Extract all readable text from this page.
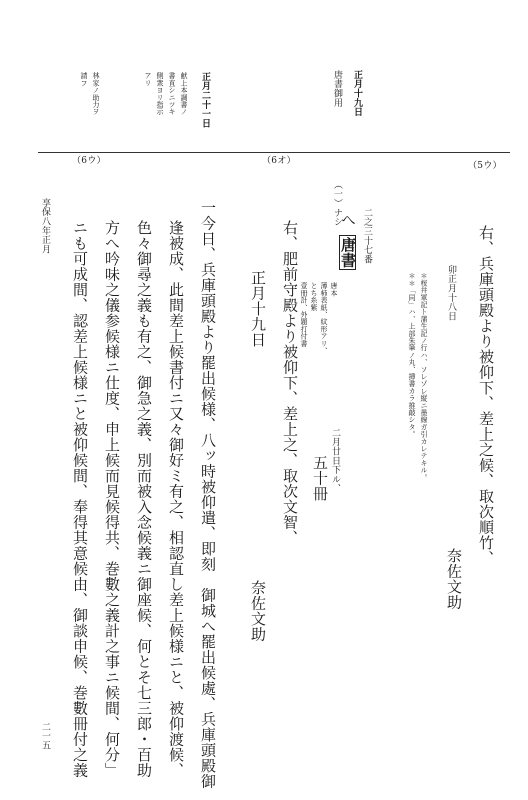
正月十九日
唐書御用
正月二十一日
献上本調書ノ
書直シニツキ
側衆ヨリ指示
アリ
林家ノ助力ヲ
請フ
（5ウ）
（6オ）
（6ウ）
右、兵庫頭殿より被仰下、差上之候、取次順竹、
卯正月十八日
奈佐文助
＊桜井軍記ト蒲生記ノ行ハ、ソレゾレ縦ニ墨線ガ引カレテキル。
＊＊「同」ハ、上部朱筆ノ丸、挿書カラ推敲シタ。
二之三十七番
（一）ナシ
へ
唐書
唐本
薄柿表紙、紋形アリ、
とち糸紫
壹冊計、外題打付書
二月廿日下ル、
五十冊
右、肥前守殿より被仰下、差上之、取次文智、
正月十九日
奈佐文助
一今日、兵庫頭殿より罷出候様、八ッ時被仰遣、即刻　御城へ罷出候處、兵庫頭殿御
逢被成、此間差上候書付ニ又々御好ミ有之、相認直し差上候様ニと、被仰渡候、
色々御尋之義も有之、御急之義、別而被入念候義ニ御座候、何とそ七三郎・百助
方へ吟味之儀参候様ニ仕度、申上候而見候得共、巻數之義計之事ニ候間、何分」
ニも可成間、認差上候様ニと被仰候間、奉得其意候由、御談申候、巻數冊付之義
享保八年正月
二一五
